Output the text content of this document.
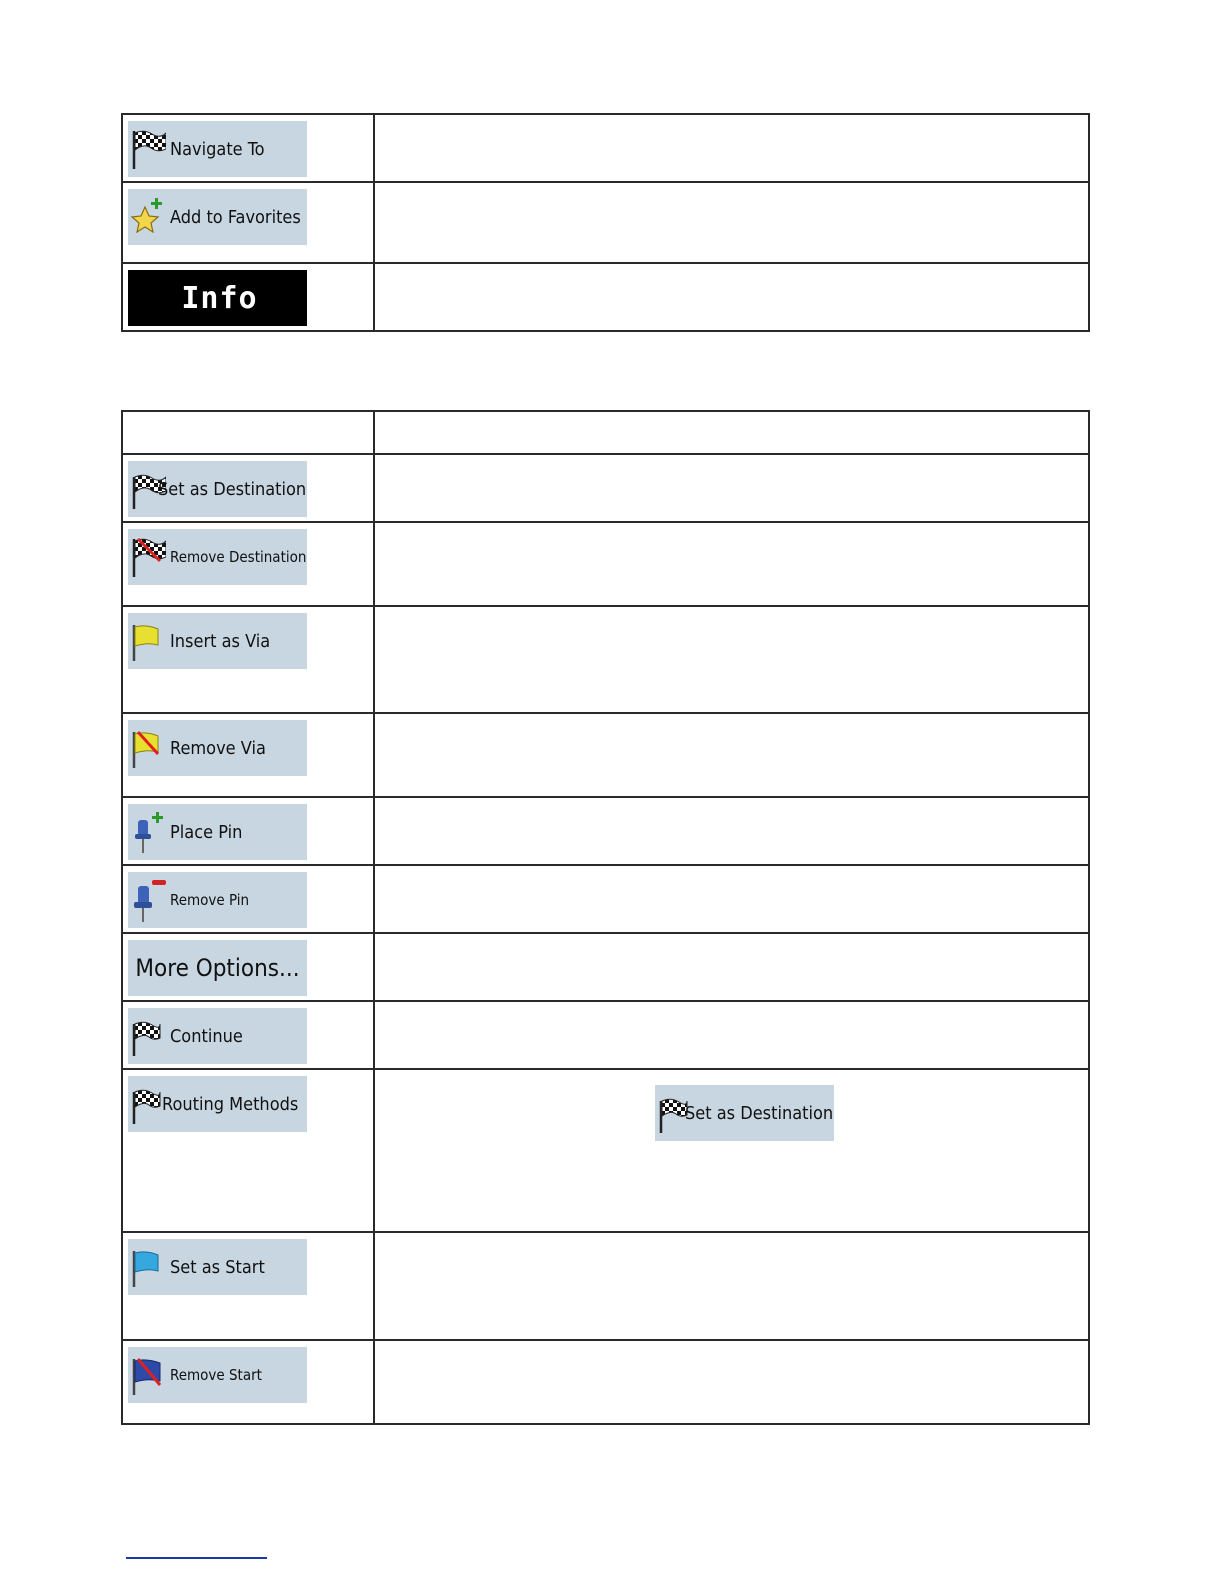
Navigate To	

Add to Favorites	

Info	

Set as Destination	

Remove Destination	

Insert as Via	

Remove Via	

Place Pin	

Remove Pin	

More Options...	

Continue	

Routing Methods	Set as Destination

Set as Start	

Remove Start	
